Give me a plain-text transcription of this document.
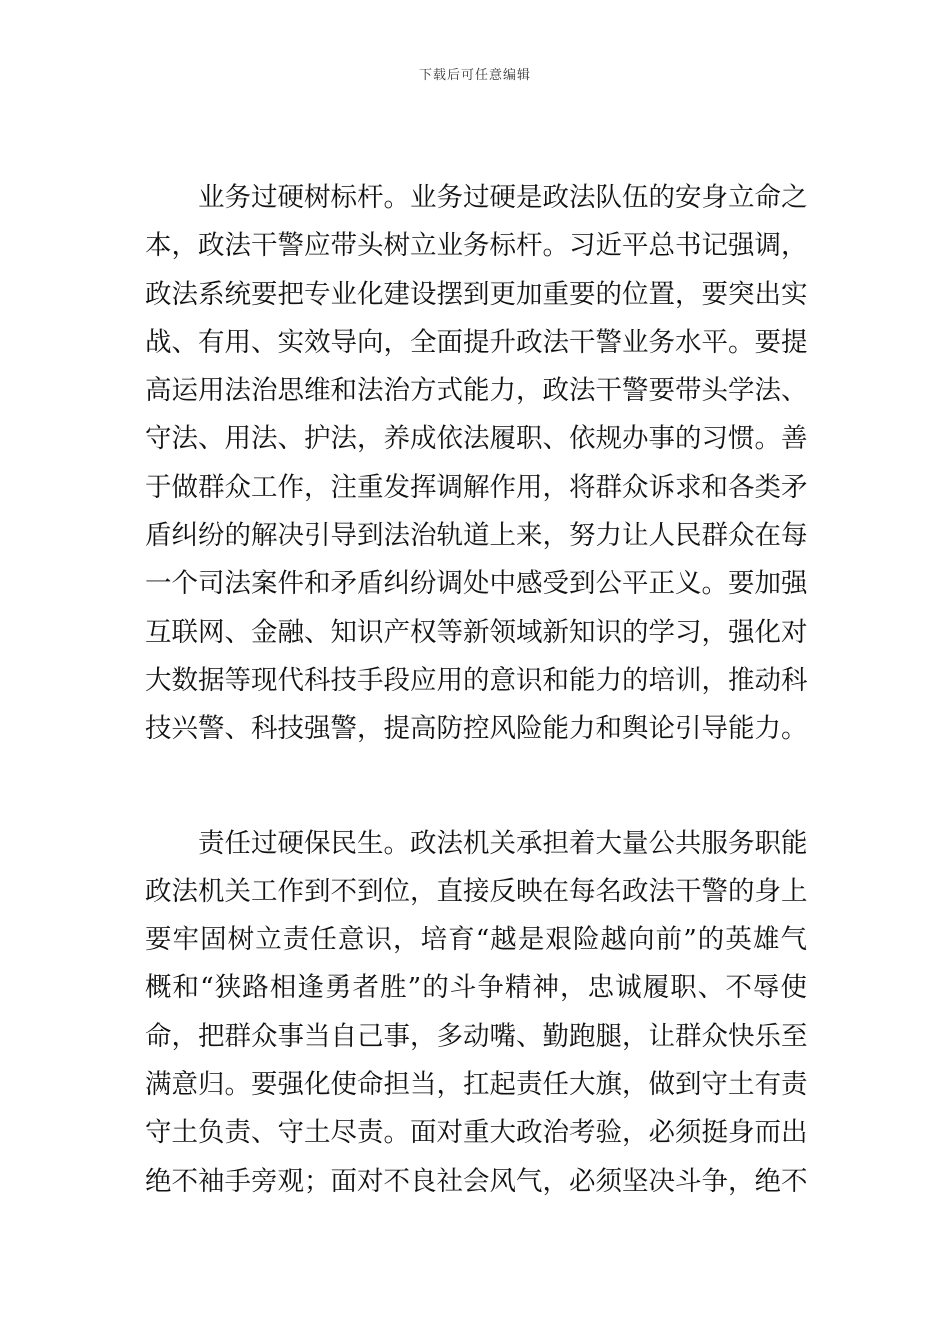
下载后可任意编辑
业务过硬树标杆。业务过硬是政法队伍的安身立命之
本，政法干警应带头树立业务标杆。习近平总书记强调，
政法系统要把专业化建设摆到更加重要的位置，要突出实
战、有用、实效导向，全面提升政法干警业务水平。要提
高运用法治思维和法治方式能力，政法干警要带头学法、
守法、用法、护法，养成依法履职、依规办事的习惯。善
于做群众工作，注重发挥调解作用，将群众诉求和各类矛
盾纠纷的解决引导到法治轨道上来，努力让人民群众在每
一个司法案件和矛盾纠纷调处中感受到公平正义。要加强
互联网、金融、知识产权等新领域新知识的学习，强化对
大数据等现代科技手段应用的意识和能力的培训，推动科
技兴警、科技强警，提高防控风险能力和舆论引导能力。
责任过硬保民生。政法机关承担着大量公共服务职能
政法机关工作到不到位，直接反映在每名政法干警的身上
要牢固树立责任意识，培育“越是艰险越向前”的英雄气
概和“狭路相逢勇者胜”的斗争精神，忠诚履职、不辱使
命，把群众事当自己事，多动嘴、勤跑腿，让群众快乐至
满意归。要强化使命担当，扛起责任大旗，做到守土有责
守土负责、守土尽责。面对重大政治考验，必须挺身而出
绝不袖手旁观；面对不良社会风气，必须坚决斗争，绝不
